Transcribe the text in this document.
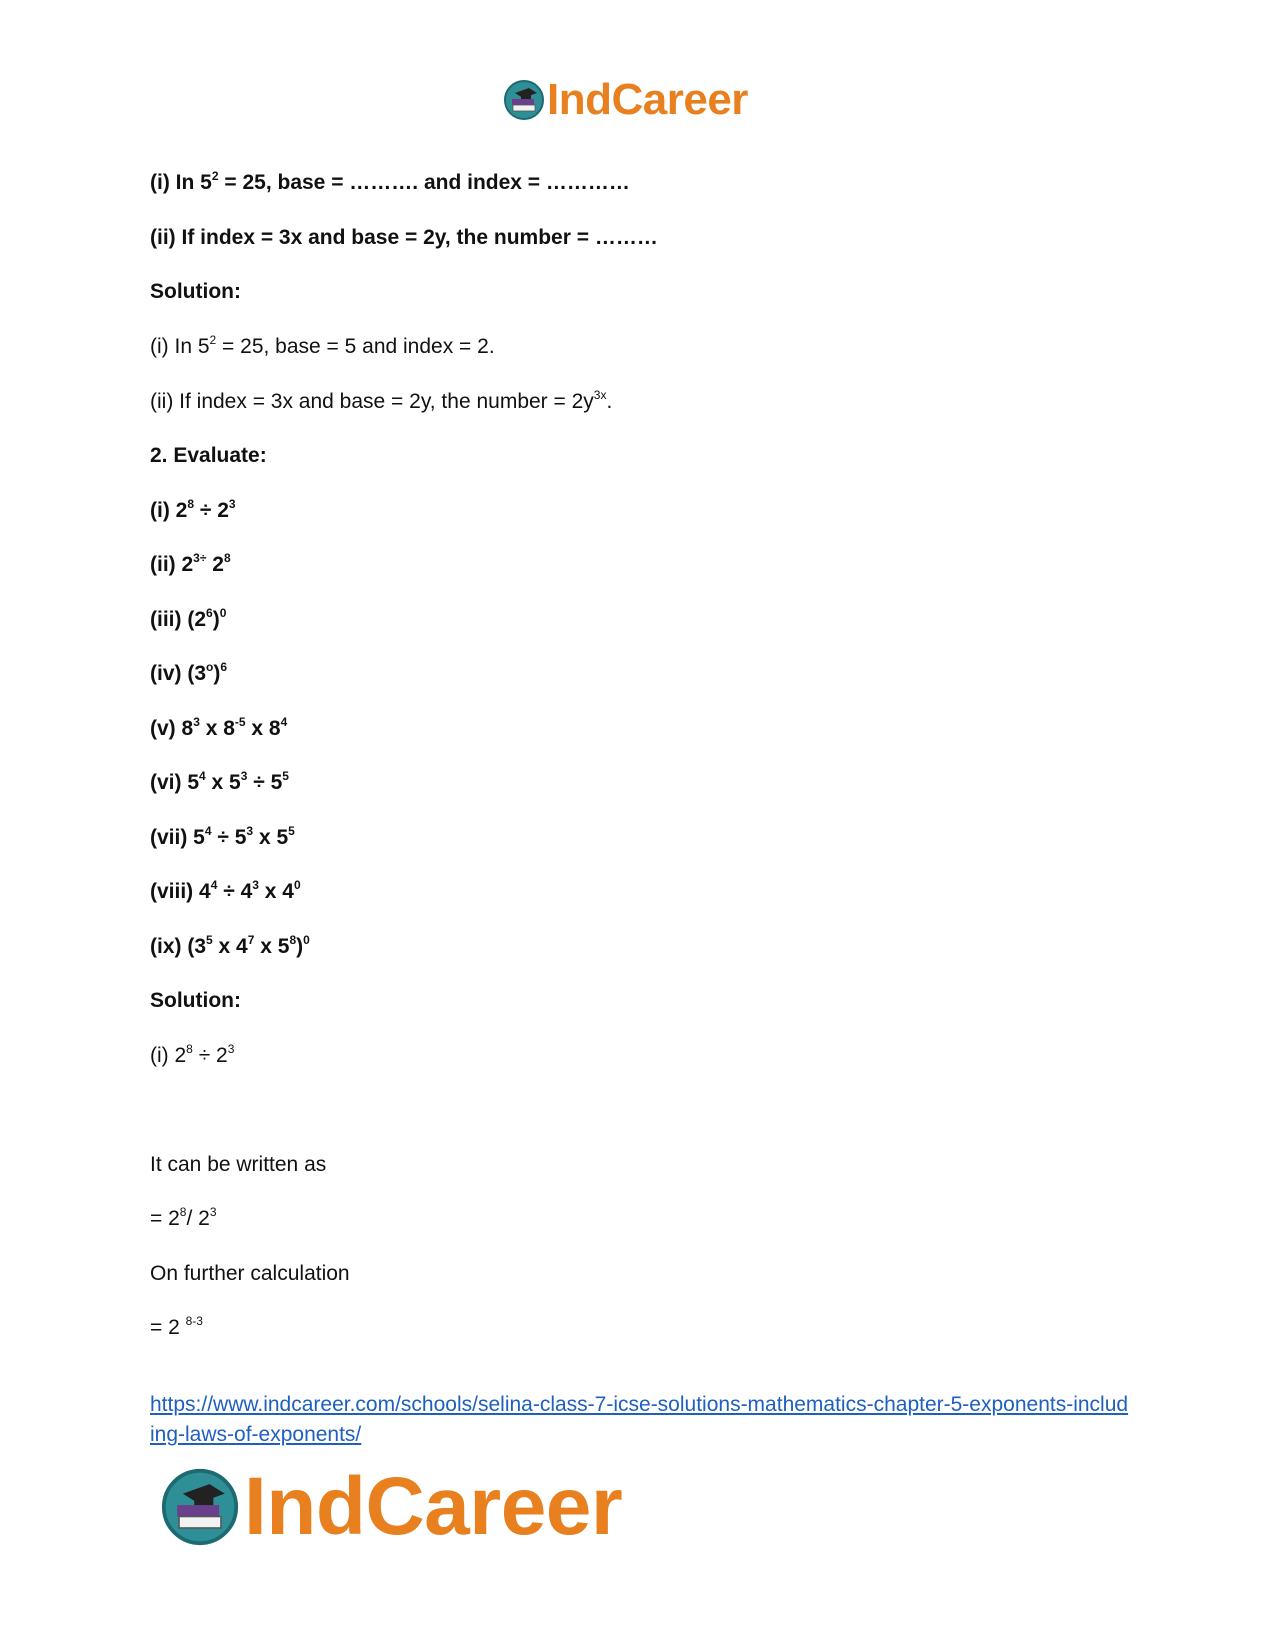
IndCareer
(i) In $5^2 = 25$, base = ………. and index = …………
(ii) If index = 3x and base = 2y, the number = ………
Solution:
(i) In $5^2 = 25$, base = 5 and index = 2.
(ii) If index = 3x and base = 2y, the number = $2y^{3x}$.
2. Evaluate:
(i) $2^8 \div 2^3$
(ii) $2^{3\div}$ $2^8$
(iii) $(2^6)^0$
(iv) $(3^o)^6$
(v) $8^3$ x $8^{-5}$ x $8^4$
(vi) $5^4$ x $5^3 \div 5^5$
(vii) $5^4 \div 5^3$ x $5^5$
(viii) $4^4 \div 4^3$ x $4^0$
(ix) ($3^5$ x $4^7$ x $5^8)^0$
Solution:
(i) $2^8 \div 2^3$
It can be written as
= $2^8/$ $2^3$
On further calculation
= 2 $^{8-3}$
https://www.indcareer.com/schools/selina-class-7-icse-solutions-mathematics-chapter-5-exponents-including-laws-of-exponents/
IndCareer
